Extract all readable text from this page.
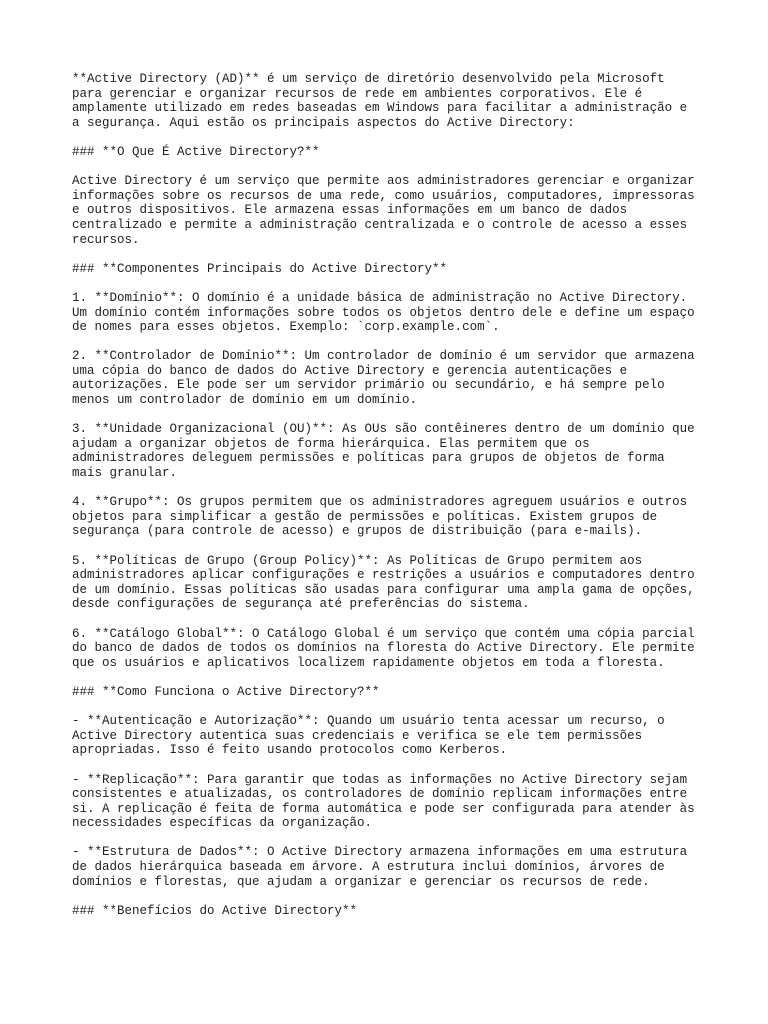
**Active Directory (AD)** é um serviço de diretório desenvolvido pela Microsoft
para gerenciar e organizar recursos de rede em ambientes corporativos. Ele é
amplamente utilizado em redes baseadas em Windows para facilitar a administração e
a segurança. Aqui estão os principais aspectos do Active Directory:

### **O Que É Active Directory?**

Active Directory é um serviço que permite aos administradores gerenciar e organizar
informações sobre os recursos de uma rede, como usuários, computadores, impressoras
e outros dispositivos. Ele armazena essas informações em um banco de dados
centralizado e permite a administração centralizada e o controle de acesso a esses
recursos.

### **Componentes Principais do Active Directory**

1. **Domínio**: O domínio é a unidade básica de administração no Active Directory.
Um domínio contém informações sobre todos os objetos dentro dele e define um espaço
de nomes para esses objetos. Exemplo: `corp.example.com`.

2. **Controlador de Domínio**: Um controlador de domínio é um servidor que armazena
uma cópia do banco de dados do Active Directory e gerencia autenticações e
autorizações. Ele pode ser um servidor primário ou secundário, e há sempre pelo
menos um controlador de domínio em um domínio.

3. **Unidade Organizacional (OU)**: As OUs são contêineres dentro de um domínio que
ajudam a organizar objetos de forma hierárquica. Elas permitem que os
administradores deleguem permissões e políticas para grupos de objetos de forma
mais granular.

4. **Grupo**: Os grupos permitem que os administradores agreguem usuários e outros
objetos para simplificar a gestão de permissões e políticas. Existem grupos de
segurança (para controle de acesso) e grupos de distribuição (para e-mails).

5. **Políticas de Grupo (Group Policy)**: As Políticas de Grupo permitem aos
administradores aplicar configurações e restrições a usuários e computadores dentro
de um domínio. Essas políticas são usadas para configurar uma ampla gama de opções,
desde configurações de segurança até preferências do sistema.

6. **Catálogo Global**: O Catálogo Global é um serviço que contém uma cópia parcial
do banco de dados de todos os domínios na floresta do Active Directory. Ele permite
que os usuários e aplicativos localizem rapidamente objetos em toda a floresta.

### **Como Funciona o Active Directory?**

- **Autenticação e Autorização**: Quando um usuário tenta acessar um recurso, o
Active Directory autentica suas credenciais e verifica se ele tem permissões
apropriadas. Isso é feito usando protocolos como Kerberos.

- **Replicação**: Para garantir que todas as informações no Active Directory sejam
consistentes e atualizadas, os controladores de domínio replicam informações entre
si. A replicação é feita de forma automática e pode ser configurada para atender às
necessidades específicas da organização.

- **Estrutura de Dados**: O Active Directory armazena informações em uma estrutura
de dados hierárquica baseada em árvore. A estrutura inclui domínios, árvores de
domínios e florestas, que ajudam a organizar e gerenciar os recursos de rede.

### **Benefícios do Active Directory**
